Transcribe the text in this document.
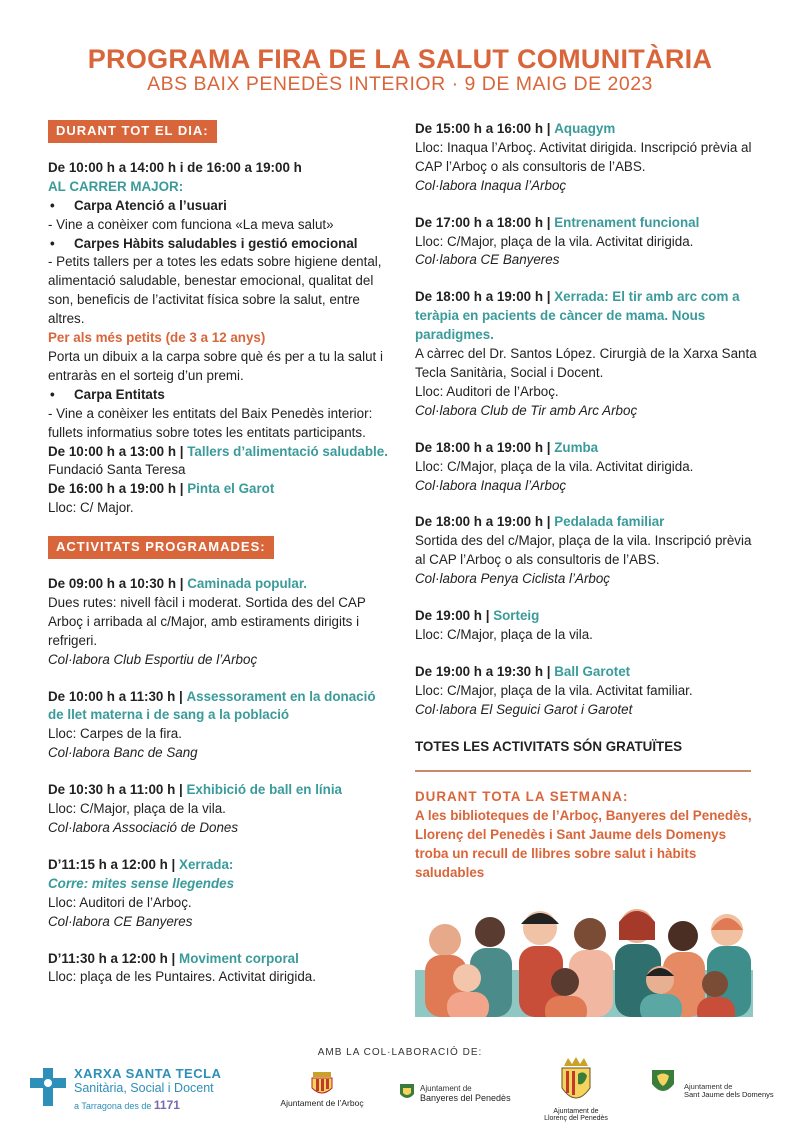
PROGRAMA FIRA DE LA SALUT COMUNITÀRIA
ABS BAIX PENEDÈS INTERIOR · 9 DE MAIG DE 2023
DURANT TOT EL DIA:
De 10:00 h a 14:00 h i de 16:00 a 19:00 h
AL CARRER MAJOR:
• Carpa Atenció a l’usuari
- Vine a conèixer com funciona «La meva salut»
• Carpes Hàbits saludables i gestió emocional
- Petits tallers per a totes les edats sobre higiene dental, alimentació saludable, benestar emocional, qualitat del son, beneficis de l’activitat física sobre la salut, entre altres.
Per als més petits (de 3 a 12 anys)
Porta un dibuix a la carpa sobre què és per a tu la salut i entraràs en el sorteig d’un premi.
• Carpa Entitats
- Vine a conèixer les entitats del Baix Penedès interior: fullets informatius sobre totes les entitats participants.
De 10:00 h a 13:00 h | Tallers d’alimentació saludable. Fundació Santa Teresa
De 16:00 h a 19:00 h | Pinta el Garot
Lloc: C/ Major.
ACTIVITATS PROGRAMADES:
De 09:00 h a 10:30 h | Caminada popular.
Dues rutes: nivell fàcil i moderat. Sortida des del CAP Arboç i arribada al c/Major, amb estiraments dirigits i refrigeri.
Col·labora Club Esportiu de l’Arboç
De 10:00 h a 11:30 h | Assessorament en la donació de llet materna i de sang a la població
Lloc: Carpes de la fira.
Col·labora Banc de Sang
De 10:30 h a 11:00 h | Exhibició de ball en línia
Lloc: C/Major, plaça de la vila.
Col·labora Associació de Dones
D’11:15 h a 12:00 h | Xerrada:
Corre: mites sense llegendes
Lloc: Auditori de l’Arboç.
Col·labora CE Banyeres
D’11:30 h a 12:00 h | Moviment corporal
Lloc: plaça de les Puntaires. Activitat dirigida.
De 15:00 h a 16:00 h | Aquagym
Lloc: Inaqua l’Arboç. Activitat dirigida. Inscripció prèvia al CAP l’Arboç o als consultoris de l’ABS.
Col·labora Inaqua l’Arboç
De 17:00 h a 18:00 h | Entrenament funcional
Lloc: C/Major, plaça de la vila. Activitat dirigida.
Col·labora CE Banyeres
De 18:00 h a 19:00 h | Xerrada: El tir amb arc com a teràpia en pacients de càncer de mama. Nous paradigmes.
A càrrec del Dr. Santos López. Cirurgià de la Xarxa Santa Tecla Sanitària, Social i Docent.
Lloc: Auditori de l’Arboç.
Col·labora Club de Tir amb Arc Arboç
De 18:00 h a 19:00 h | Zumba
Lloc: C/Major, plaça de la vila. Activitat dirigida.
Col·labora Inaqua l’Arboç
De 18:00 h a 19:00 h | Pedalada familiar
Sortida des del c/Major, plaça de la vila. Inscripció prèvia al CAP l’Arboç o als consultoris de l’ABS.
Col·labora Penya Ciclista l’Arboç
De 19:00 h | Sorteig
Lloc: C/Major, plaça de la vila.
De 19:00 h a 19:30 h | Ball Garotet
Lloc: C/Major, plaça de la vila. Activitat familiar.
Col·labora El Seguici Garot i Garotet
TOTES LES ACTIVITATS SÓN GRATUÏTES
DURANT TOTA LA SETMANA:
A les biblioteques de l’Arboç, Banyeres del Penedès, Llorenç del Penedès i Sant Jaume dels Domenys troba un recull de llibres sobre salut i hàbits saludables
AMB LA COL·LABORACIÓ DE:
XARXA SANTA TECLA
Sanitària, Social i Docent
a Tarragona des de 1171	Ajuntament de l’Arboç
Ajuntament de
Banyeres del Penedès
Ajuntament de
Llorenç del Penedès
Ajuntament de
Sant Jaume dels Domenys
